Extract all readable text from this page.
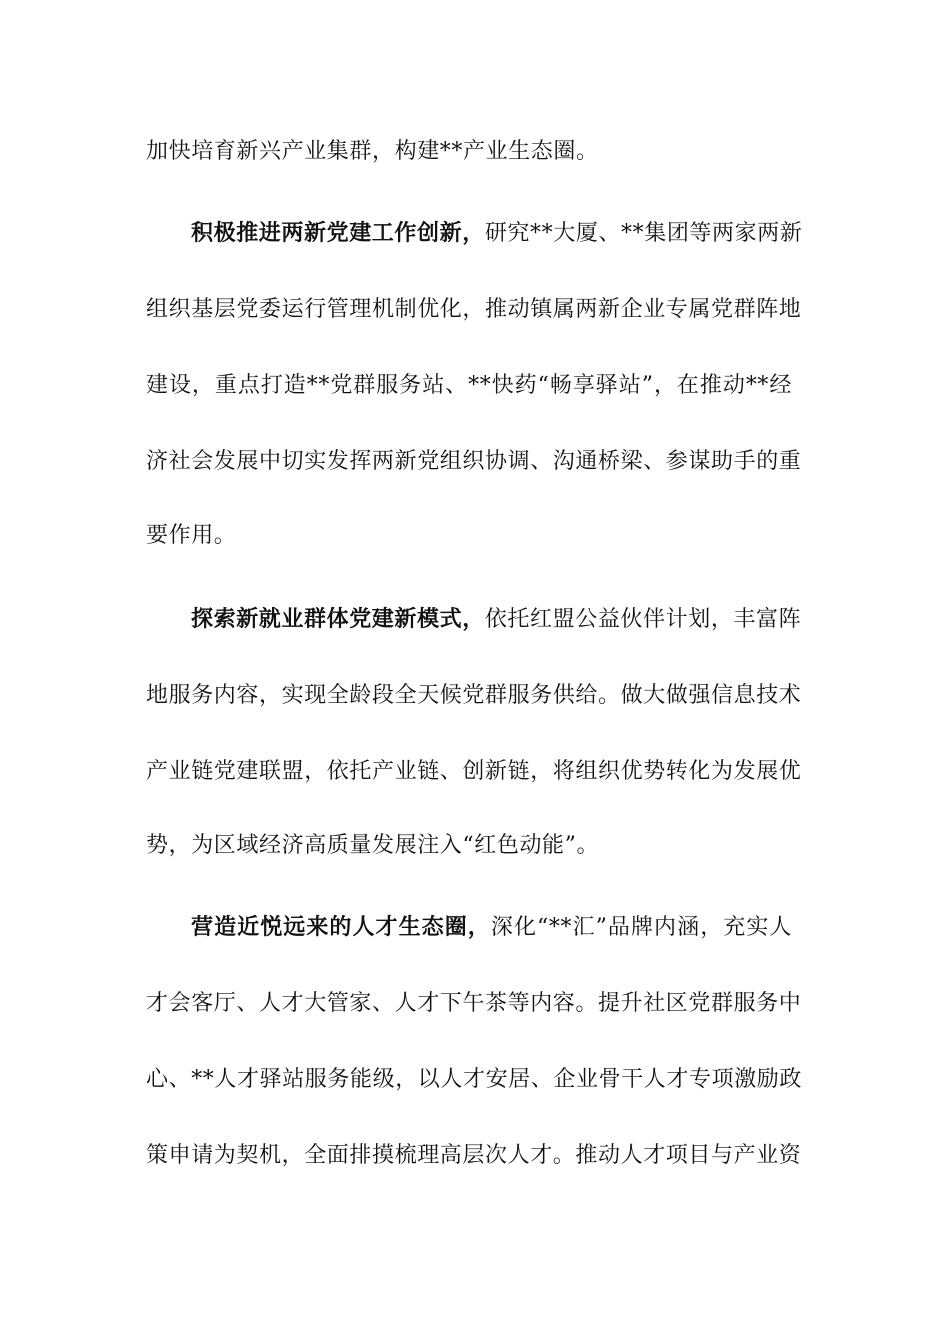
加快培育新兴产业集群，构建**产业生态圈。
积极推进两新党建工作创新，研究**大厦、**集团等两家两新
组织基层党委运行管理机制优化，推动镇属两新企业专属党群阵地
建设，重点打造**党群服务站、**快药“畅享驿站”，在推动**经
济社会发展中切实发挥两新党组织协调、沟通桥梁、参谋助手的重
要作用。
探索新就业群体党建新模式，依托红盟公益伙伴计划，丰富阵
地服务内容，实现全龄段全天候党群服务供给。做大做强信息技术
产业链党建联盟，依托产业链、创新链，将组织优势转化为发展优
势，为区域经济高质量发展注入“红色动能”。
营造近悦远来的人才生态圈，深化“**汇”品牌内涵，充实人
才会客厅、人才大管家、人才下午茶等内容。提升社区党群服务中
心、**人才驿站服务能级，以人才安居、企业骨干人才专项激励政
策申请为契机，全面排摸梳理高层次人才。推动人才项目与产业资
